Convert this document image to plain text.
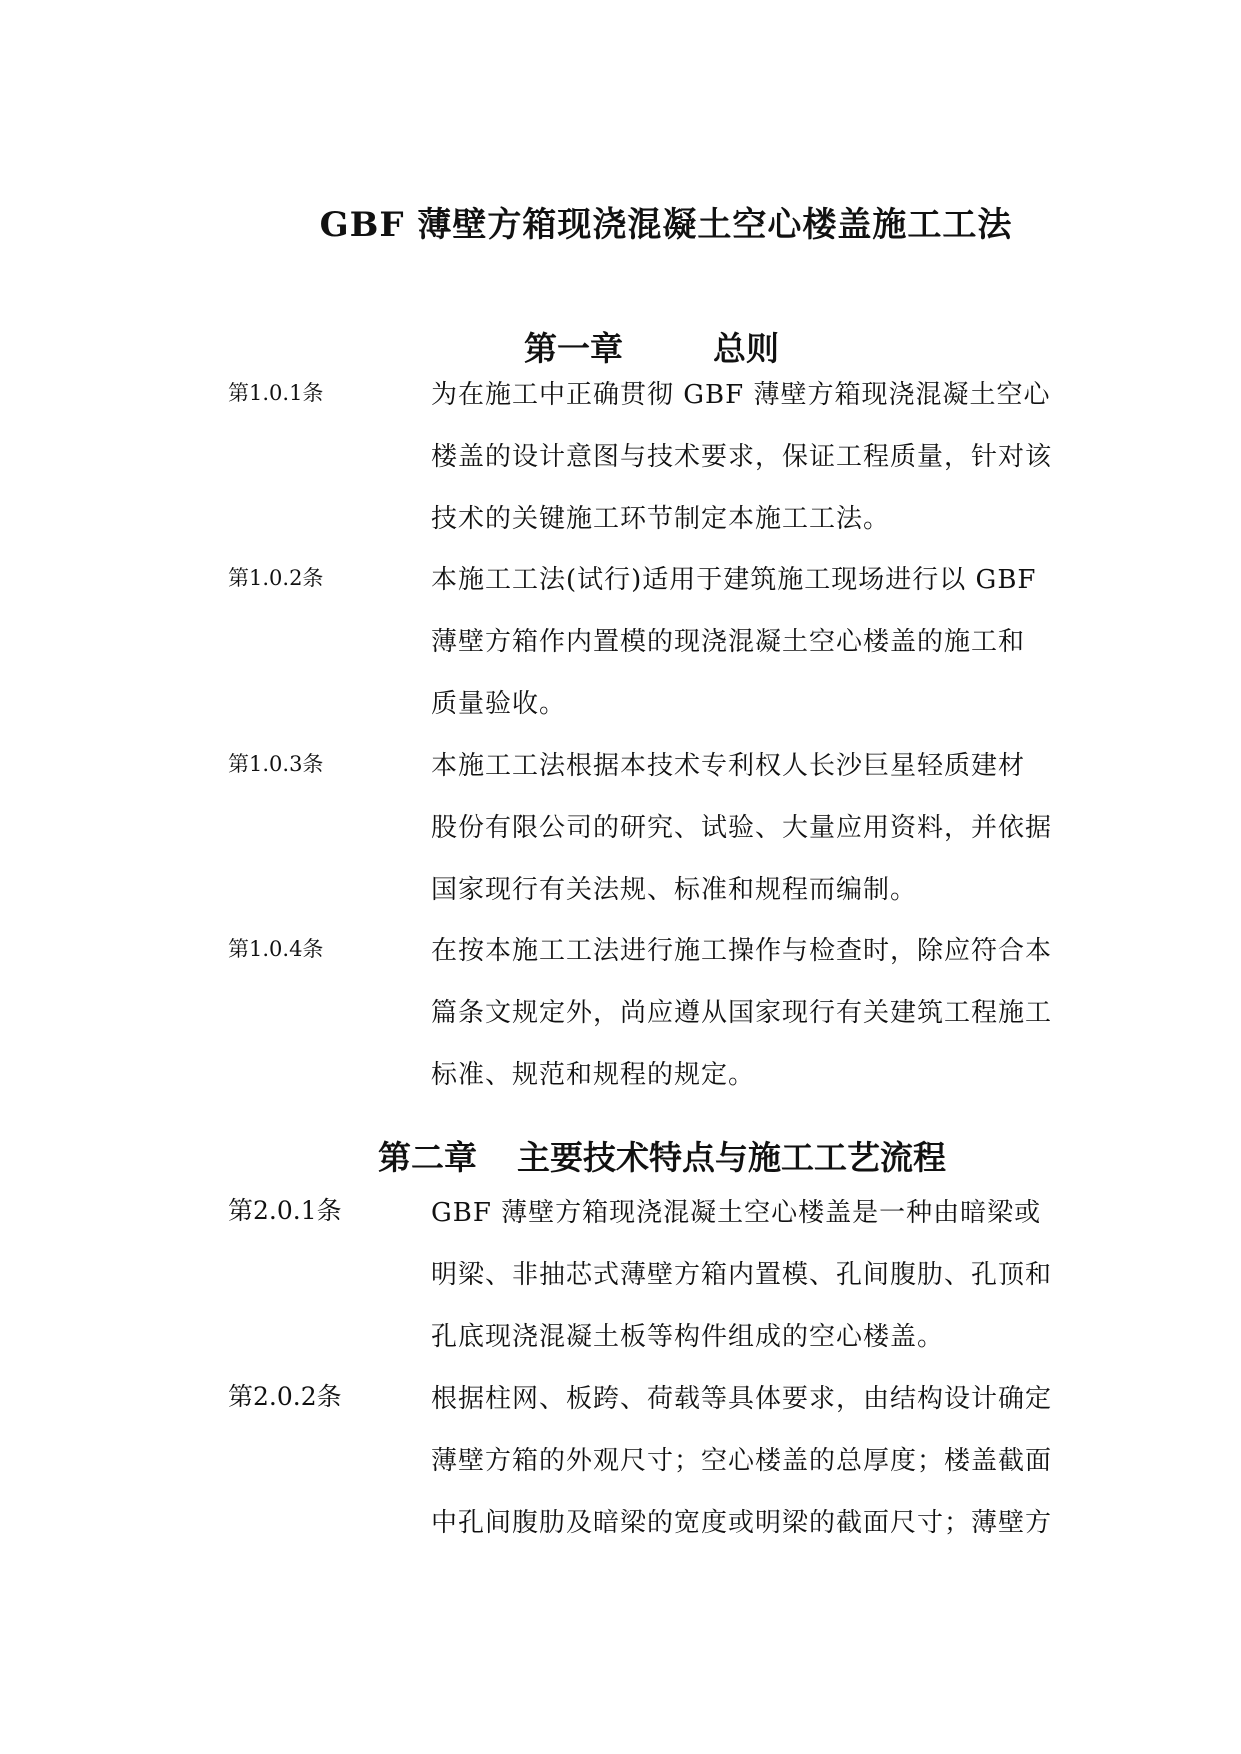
GBF 薄壁方箱现浇混凝土空心楼盖施工工法
第一章	总则
第1.0.1条	为在施工中正确贯彻 GBF 薄壁方箱现浇混凝土空心
楼盖的设计意图与技术要求，保证工程质量，针对该
技术的关键施工环节制定本施工工法。

第1.0.2条	本施工工法(试行)适用于建筑施工现场进行以 GBF
薄壁方箱作内置模的现浇混凝土空心楼盖的施工和
质量验收。

第1.0.3条	本施工工法根据本技术专利权人长沙巨星轻质建材
股份有限公司的研究、试验、大量应用资料，并依据
国家现行有关法规、标准和规程而编制。

第1.0.4条	在按本施工工法进行施工操作与检查时，除应符合本
篇条文规定外，尚应遵从国家现行有关建筑工程施工
标准、规范和规程的规定。

第二章 主要技术特点与施工工艺流程
第2.0.1条	GBF 薄壁方箱现浇混凝土空心楼盖是一种由暗梁或
明梁、非抽芯式薄壁方箱内置模、孔间腹肋、孔顶和
孔底现浇混凝土板等构件组成的空心楼盖。

第2.0.2条	根据柱网、板跨、荷载等具体要求，由结构设计确定
薄壁方箱的外观尺寸；空心楼盖的总厚度；楼盖截面
中孔间腹肋及暗梁的宽度或明梁的截面尺寸；薄壁方
